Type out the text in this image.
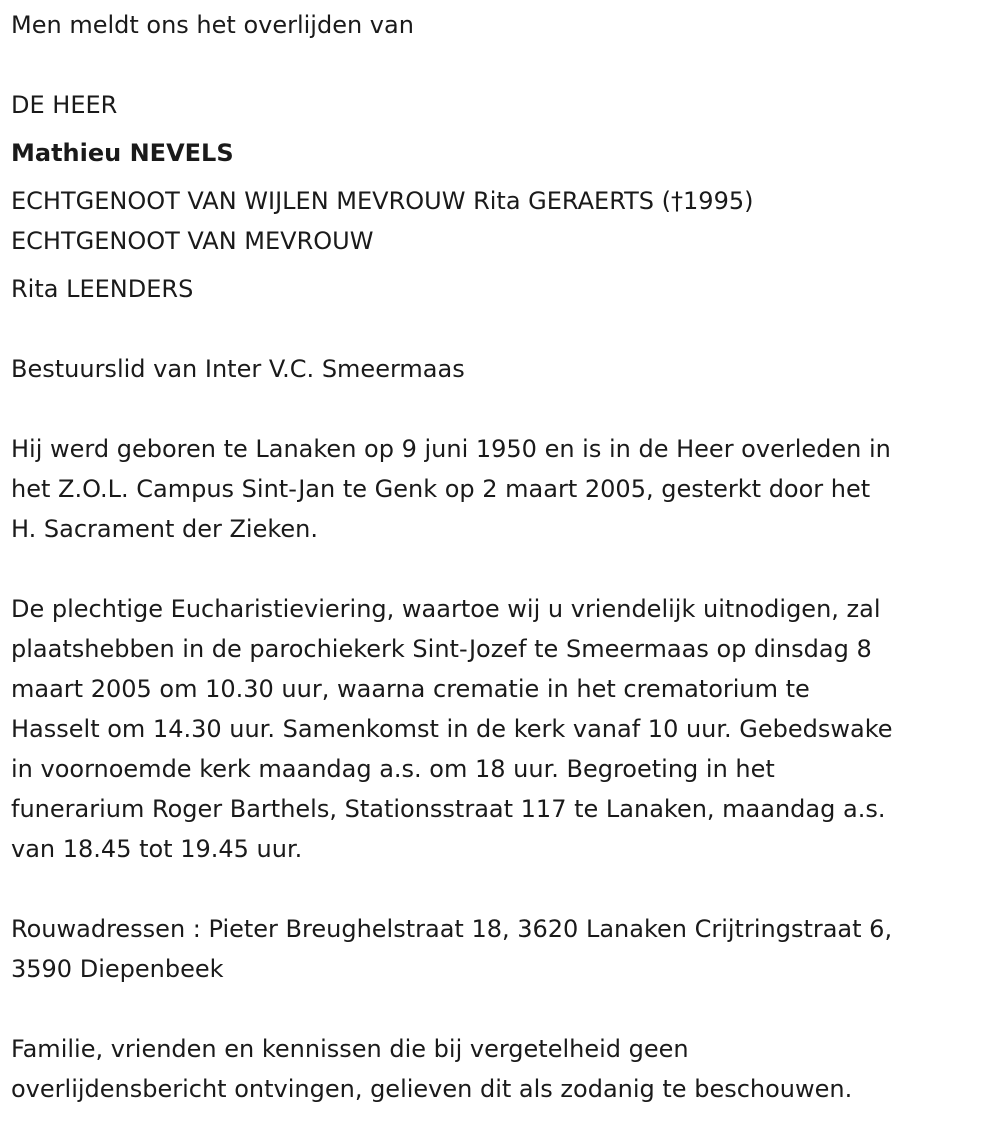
Men meldt ons het overlijden van

DE HEER

Mathieu NEVELS

ECHTGENOOT VAN WIJLEN MEVROUW Rita GERAERTS (†1995)

ECHTGENOOT VAN MEVROUW

Rita LEENDERS

Bestuurslid van Inter V.C. Smeermaas

Hij werd geboren te Lanaken op 9 juni 1950 en is in de Heer overleden in

het Z.O.L. Campus Sint-Jan te Genk op 2 maart 2005, gesterkt door het

H. Sacrament der Zieken.

De plechtige Eucharistieviering, waartoe wij u vriendelijk uitnodigen, zal

plaatshebben in de parochiekerk Sint-Jozef te Smeermaas op dinsdag 8

maart 2005 om 10.30 uur, waarna crematie in het crematorium te

Hasselt om 14.30 uur. Samenkomst in de kerk vanaf 10 uur. Gebedswake

in voornoemde kerk maandag a.s. om 18 uur. Begroeting in het

funerarium Roger Barthels, Stationsstraat 117 te Lanaken, maandag a.s.

van 18.45 tot 19.45 uur.

Rouwadressen : Pieter Breughelstraat 18, 3620 Lanaken Crijtringstraat 6,

3590 Diepenbeek

Familie, vrienden en kennissen die bij vergetelheid geen

overlijdensbericht ontvingen, gelieven dit als zodanig te beschouwen.
